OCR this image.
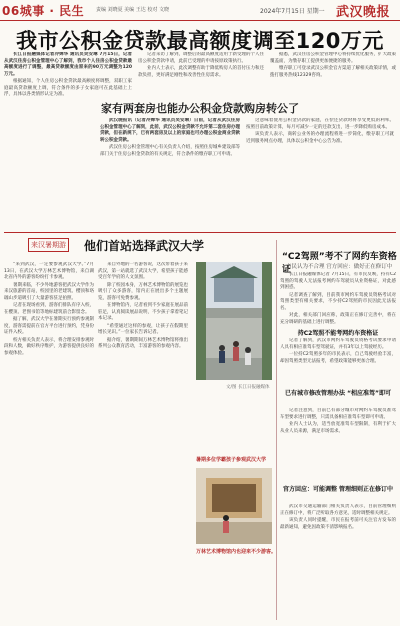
06城事 · 民生 责编 刘晓夏 美编 王达 校对 文晓	2024年7月15日 星期一 武汉晚报
我市公积金贷款最高额度调至120万元

长江日报融媒体记者冷婵华 通讯员吴安琳 7月15日，记者从武汉住房公积金管理中心了解到，我市个人住房公积金贷款最高额度进行了调整，最高贷款额度由原来的90万元调整为120万元。

根据通知，个人住房公积金贷款最高额度将调整，双职工家庭最高贷款额度上调，符合条件的多子女家庭可在此基础上上浮，具体以各类情形认定为准。

记者采访了解到，调整后的最高额度适用于新受理的个人住房公积金贷款申请，此前已受理的申请按原政策执行。

业内人士表示，此次调整有助于降低购房人的首付压力和还款负担，更好满足刚性和改善性住房需求。

据悉，武汉住房公积金管理中心将持续优化服务，扩大政策覆盖面，为缴存职工提供更加便捷的服务。

缴存职工可登录武汉公积金官方渠道了解相关政策详情，或拨打服务热线12329咨询。

家有两套房也能办公积金贷款购房转公了

武汉晚报讯（记者冷婵华 通讯员吴安琳）日前，记者从武汉住房公积金管理中心了解到，此前，武汉公积金贷款不允许第二套住房办理贷款，但在新规下，已有两套房及以上的家庭也可办理公积金商业贷款转公积金贷款。

武汉住房公积金管理中心有关负责人介绍，按照住房城乡建设部等部门关于住房公积金贷款的有关规定，符合条件的缴存职工可申请。

这意味着使用公积金贷款的家庭，在偿还贷款时将享受更低的利率。按照目前政策计算，每月可减少一定的还款支出，进一步降低购房成本。

该负责人表示，商转公业务的办理流程将进一步简化，缴存职工可就近到服务网点办理，具体以公积金中心公告为准。

来汉暑期游 他们首站选择武汉大学

“来到武汉，一定要参观武汉大学。”7月13日，在武汉大学万林艺术博物馆，来自湖北省内外的游客纷纷打卡参观。

暑期来临，不少外地游客把武汉大学作为来汉旅游的首站，校园里的老建筑、樱顶和珞珈山步道吸引了大量游客驻足拍照。

记者在现场看到，游客们排队有序入校，在樱顶、老图书馆等地标建筑前合影留念。

据了解，武汉大学在暑期实行预约参观制度，游客需提前在官方平台进行预约，凭身份证件入校。

校方相关负责人表示，将合理安排参观时段和人数，做好秩序维护，为游客提供良好的参观体验。

来自外地的一名游客说，这次带着孩子来武汉，第一站就选了武汉大学，希望孩子能感受百年学府的人文氛围。

除了校园本身，万林艺术博物馆的展览也吸引了众多游客，馆内正在展出多个主题展览，游客可免费参观。

在博物馆内，记者看到不少家庭在展品前驻足，认真阅读展品说明，不少孩子拿着笔记本记录。

“希望通过这样的参观，让孩子在假期里增长见识。”一位家长告诉记者。

据介绍，暑期期间万林艺术博物馆将推出系列公众教育活动，丰富游客的参观内容。

文/图 长江日报融媒体
暑期多位学霸孩子参观武汉大学
万林艺术博物馆内也迎来不少游客。
“C2驾照”考不了网约车资格证
市民认为不合理 官方回应：做好正在修订中

长江日报融媒体记者 7月15日，有市民反映，持有C2驾照的驾驶人无法报考网约车驾驶员从业资格证，对此感到困惑。

记者调查了解到，目前我市网约车驾驶员资格考试对驾照类型有相关要求，不少持C2驾照的市民因此无法报名。

对此，相关部门回应称，政策正在修订完善中，将在充分调研的基础上进行调整。

持C2驾照不能考网约车资格证

记者了解到，武汉市网约车驾驶员资格考试要求申请人具有相应准驾车型驾驶证，并有3年以上驾驶经历。

一位持C2驾照多年的市民表示，自己驾驶经验丰富，却因驾照类型无法报考，希望政策能够更加合理。

已有城市修改管理办法 “相应准驾”即可

记者注意到，目前已有部分城市对网约车驾驶员准驾车型要求进行调整，只需具备相应准驾车型即可申请。

业内人士认为，适当放宽准驾车型限制，有利于扩大从业人员来源，满足市场需求。

官方回应：可能调整 管理细则正在修订中

武汉市交通运输部门相关负责人表示，目前管理细则正在修订中，将广泛听取各方意见，适时调整相关规定。

该负责人同时提醒，市民在报考前可关注官方发布的最新通知，避免因政策不清影响报名。
